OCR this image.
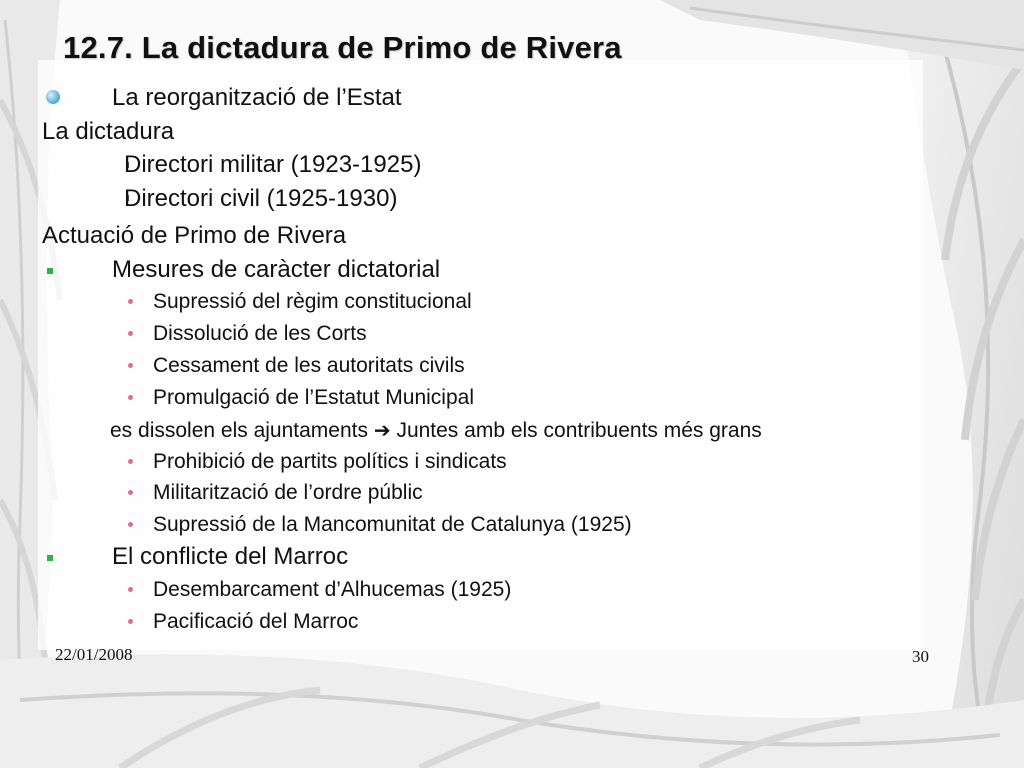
12.7. La dictadura de Primo de Rivera
La reorganització de l’Estat
La dictadura
Directori militar (1923-1925)
Directori civil (1925-1930)
Actuació de Primo de Rivera
Mesures de caràcter dictatorial
Supressió del règim constitucional
Dissolució de les Corts
Cessament de les autoritats civils
Promulgació de l’Estatut Municipal
es dissolen els ajuntaments ➔ Juntes amb els contribuents més grans
Prohibició de partits polítics i sindicats
Militarització de l’ordre públic
Supressió de la Mancomunitat de Catalunya (1925)
El conflicte del Marroc
Desembarcament d’Alhucemas (1925)
Pacificació del Marroc
22/01/2008	30
